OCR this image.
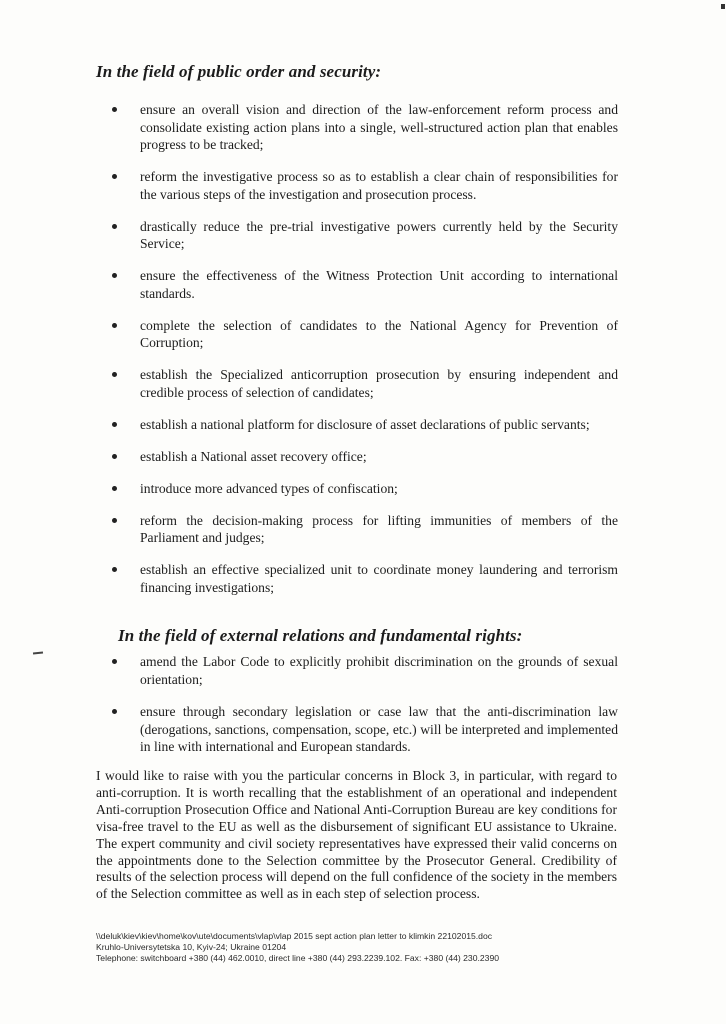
In the field of public order and security:
ensure an overall vision and direction of the law-enforcement reform process and consolidate existing action plans into a single, well-structured action plan that enables progress to be tracked;
reform the investigative process so as to establish a clear chain of responsibilities for the various steps of the investigation and prosecution process.
drastically reduce the pre-trial investigative powers currently held by the Security Service;
ensure the effectiveness of the Witness Protection Unit according to international standards.
complete the selection of candidates to the National Agency for Prevention of Corruption;
establish the Specialized anticorruption prosecution by ensuring independent and credible process of selection of candidates;
establish a national platform for disclosure of asset declarations of public servants;
establish a National asset recovery office;
introduce more advanced types of confiscation;
reform the decision-making process for lifting immunities of members of the Parliament and judges;
establish an effective specialized unit to coordinate money laundering and terrorism financing investigations;
In the field of external relations and fundamental rights:
amend the Labor Code to explicitly prohibit discrimination on the grounds of sexual orientation;
ensure through secondary legislation or case law that the anti-discrimination law (derogations, sanctions, compensation, scope, etc.) will be interpreted and implemented in line with international and European standards.

I would like to raise with you the particular concerns in Block 3, in particular, with regard to anti-corruption. It is worth recalling that the establishment of an operational and independent Anti-corruption Prosecution Office and National Anti-Corruption Bureau are key conditions for visa-free travel to the EU as well as the disbursement of significant EU assistance to Ukraine. The expert community and civil society representatives have expressed their valid concerns on the appointments done to the Selection committee by the Prosecutor General. Credibility of results of the selection process will depend on the full confidence of the society in the members of the Selection committee as well as in each step of selection process.

\\deluk\kiev\kiev\home\kov\ute\documents\vlap\vlap 2015 sept action plan letter to klimkin 22102015.doc
Kruhlo-Universytetska 10, Kyiv-24; Ukraine 01204
Telephone: switchboard +380 (44) 462.0010, direct line +380 (44) 293.2239.102. Fax: +380 (44) 230.2390
